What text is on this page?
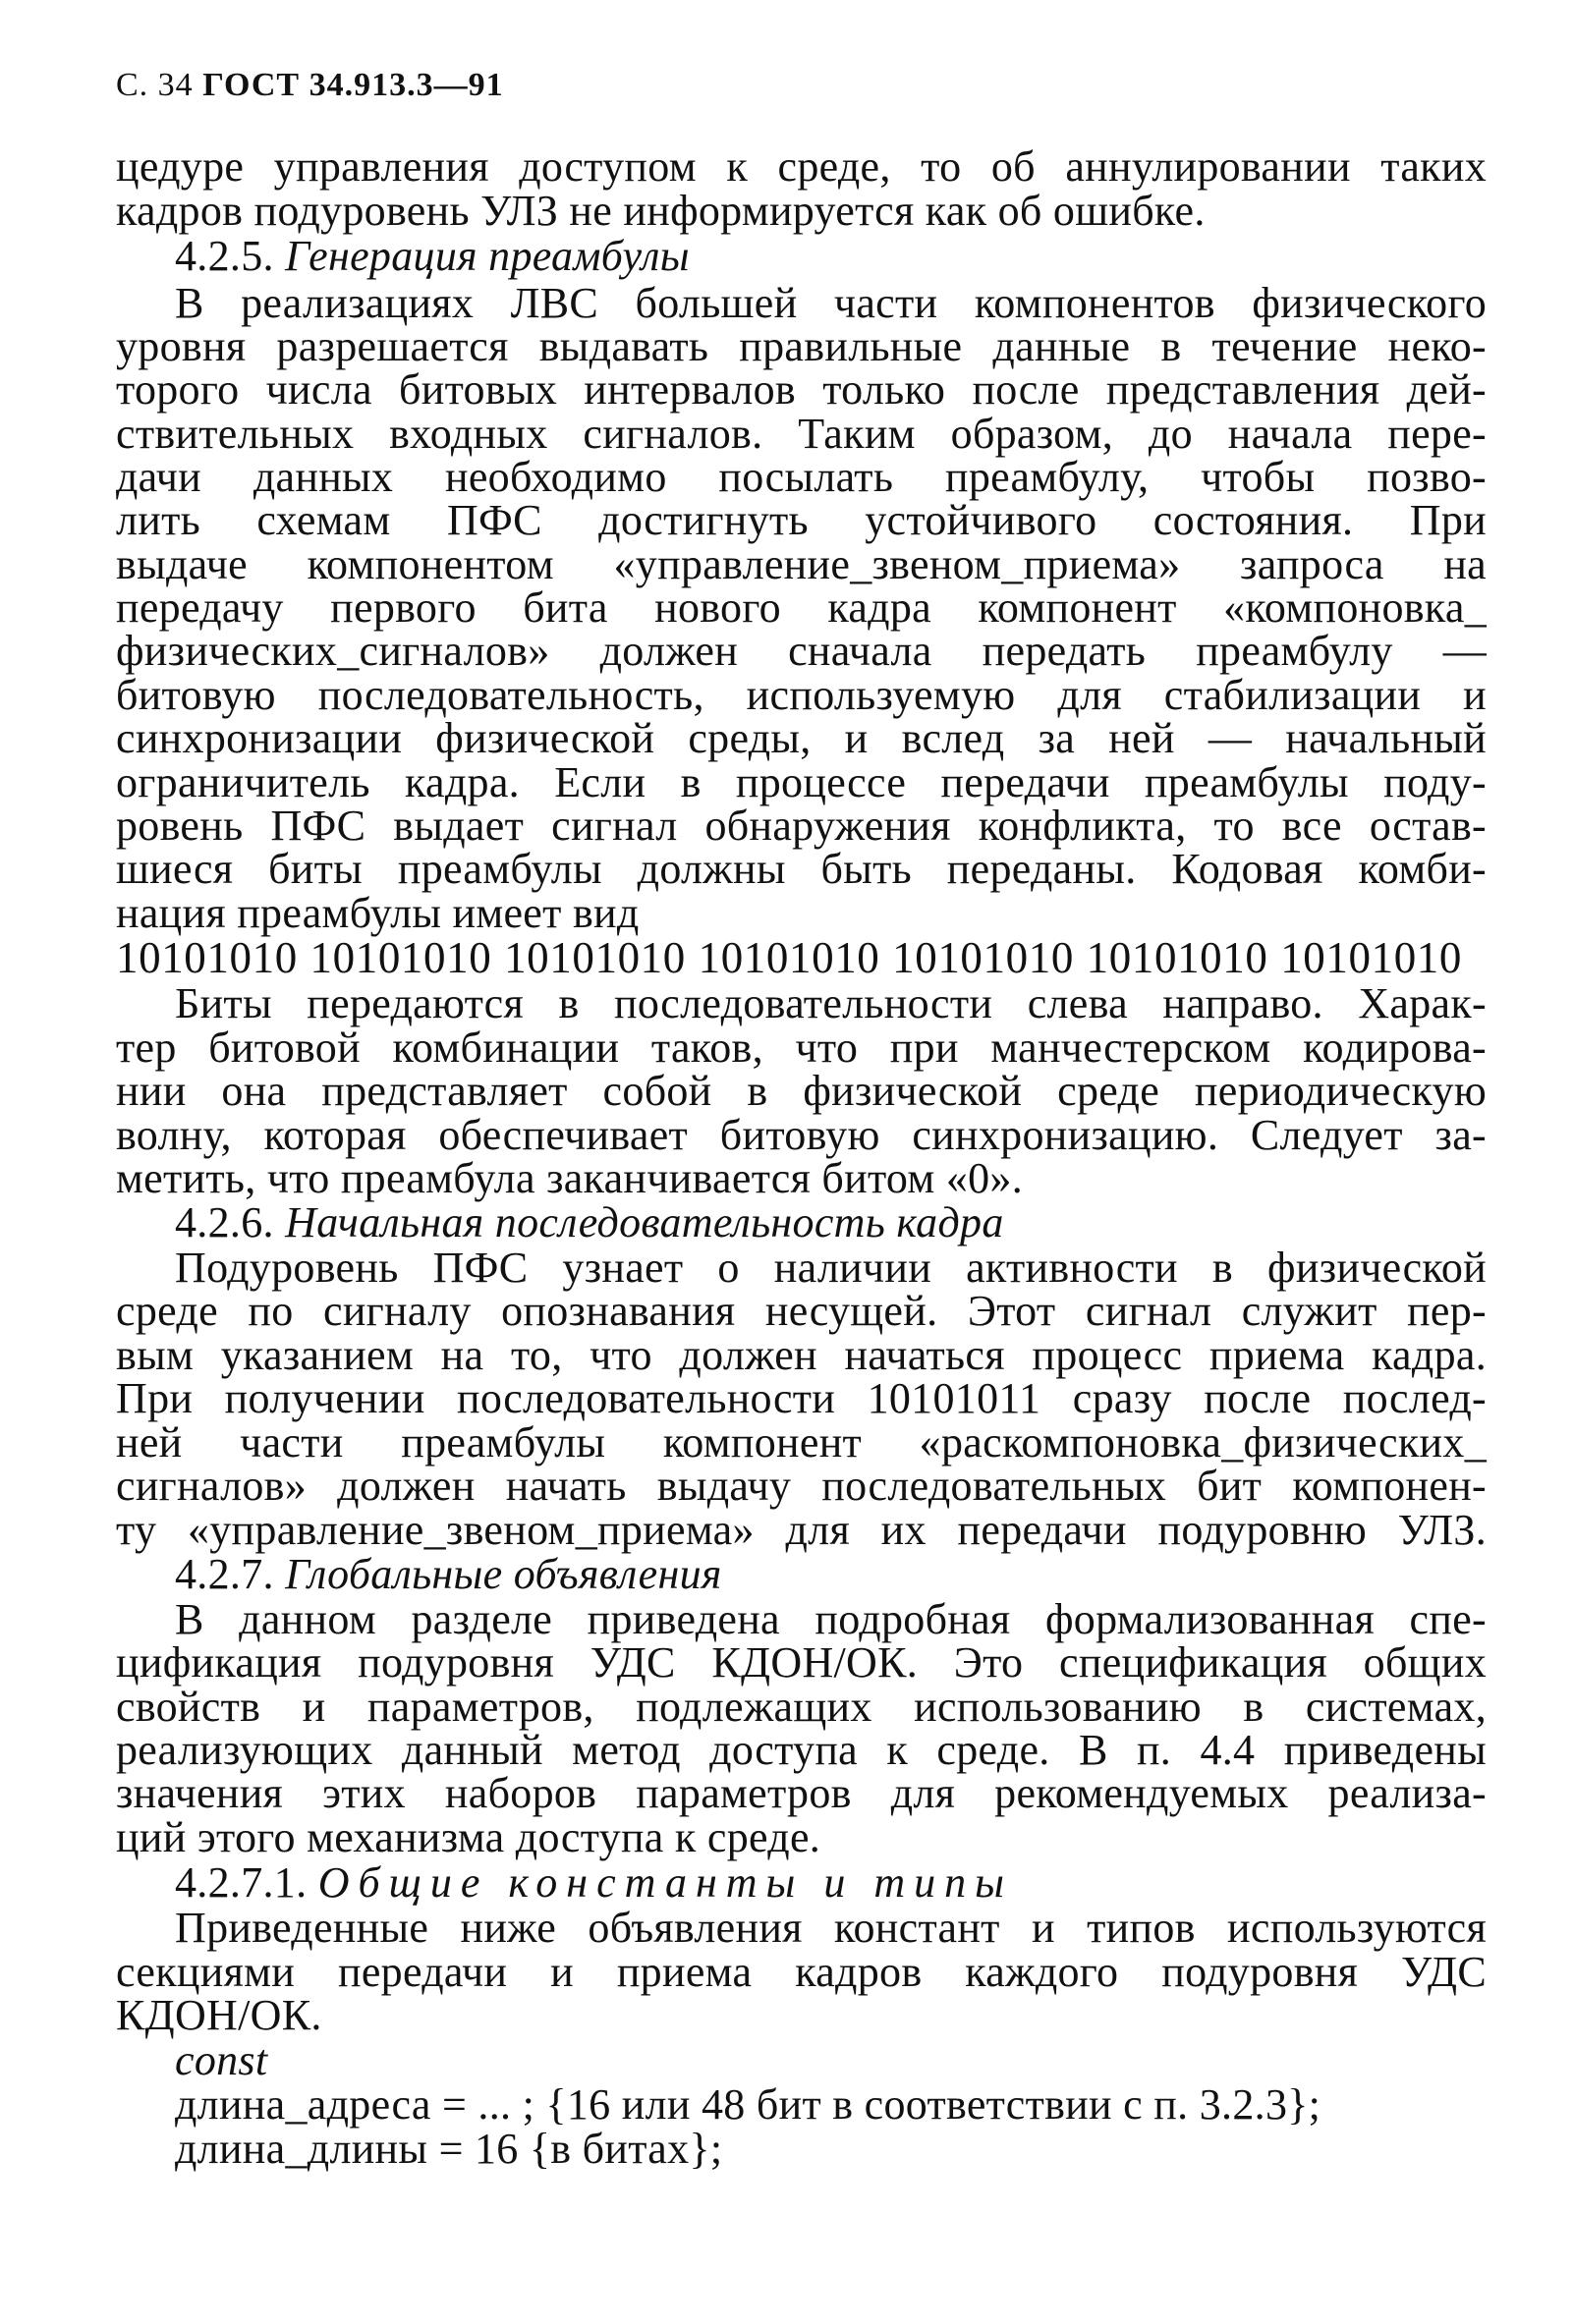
С. 34 ГОСТ 34.913.3—91
цедуре управления доступом к среде, то об аннулировании таких
кадров подуровень УЛЗ не информируется как об ошибке.
4.2.5. Генерация преамбулы
В реализациях ЛВС большей части компонентов физического
уровня разрешается выдавать правильные данные в течение неко-
торого числа битовых интервалов только после представления дей-
ствительных входных сигналов. Таким образом, до начала пере-
дачи данных необходимо посылать преамбулу, чтобы позво-
лить схемам ПФС достигнуть устойчивого состояния. При
выдаче компонентом «управление_звеном_приема» запроса на
передачу первого бита нового кадра компонент «компоновка_
физических_сигналов» должен сначала передать преамбулу —
битовую последовательность, используемую для стабилизации и
синхронизации физической среды, и вслед за ней — начальный
ограничитель кадра. Если в процессе передачи преамбулы поду-
ровень ПФС выдает сигнал обнаружения конфликта, то все остав-
шиеся биты преамбулы должны быть переданы. Кодовая комби-
нация преамбулы имеет вид
10101010 10101010 10101010 10101010 10101010 10101010 10101010
Биты передаются в последовательности слева направо. Харак-
тер битовой комбинации таков, что при манчестерском кодирова-
нии она представляет собой в физической среде периодическую
волну, которая обеспечивает битовую синхронизацию. Следует за-
метить, что преамбула заканчивается битом «0».
4.2.6. Начальная последовательность кадра
Подуровень ПФС узнает о наличии активности в физической
среде по сигналу опознавания несущей. Этот сигнал служит пер-
вым указанием на то, что должен начаться процесс приема кадра.
При получении последовательности 10101011 сразу после послед-
ней части преамбулы компонент «раскомпоновка_физических_
сигналов» должен начать выдачу последовательных бит компонен-
ту «управление_звеном_приема» для их передачи подуровню УЛЗ.
4.2.7. Глобальные объявления
В данном разделе приведена подробная формализованная спе-
цификация подуровня УДС КДОН/ОК. Это спецификация общих
свойств и параметров, подлежащих использованию в системах,
реализующих данный метод доступа к среде. В п. 4.4 приведены
значения этих наборов параметров для рекомендуемых реализа-
ций этого механизма доступа к среде.
4.2.7.1. Общие константы и типы
Приведенные ниже объявления констант и типов используются
секциями передачи и приема кадров каждого подуровня УДС
КДОН/ОК.
const
длина_адреса = ... ; {16 или 48 бит в соответствии с п. 3.2.3};
длина_длины = 16 {в битах};
